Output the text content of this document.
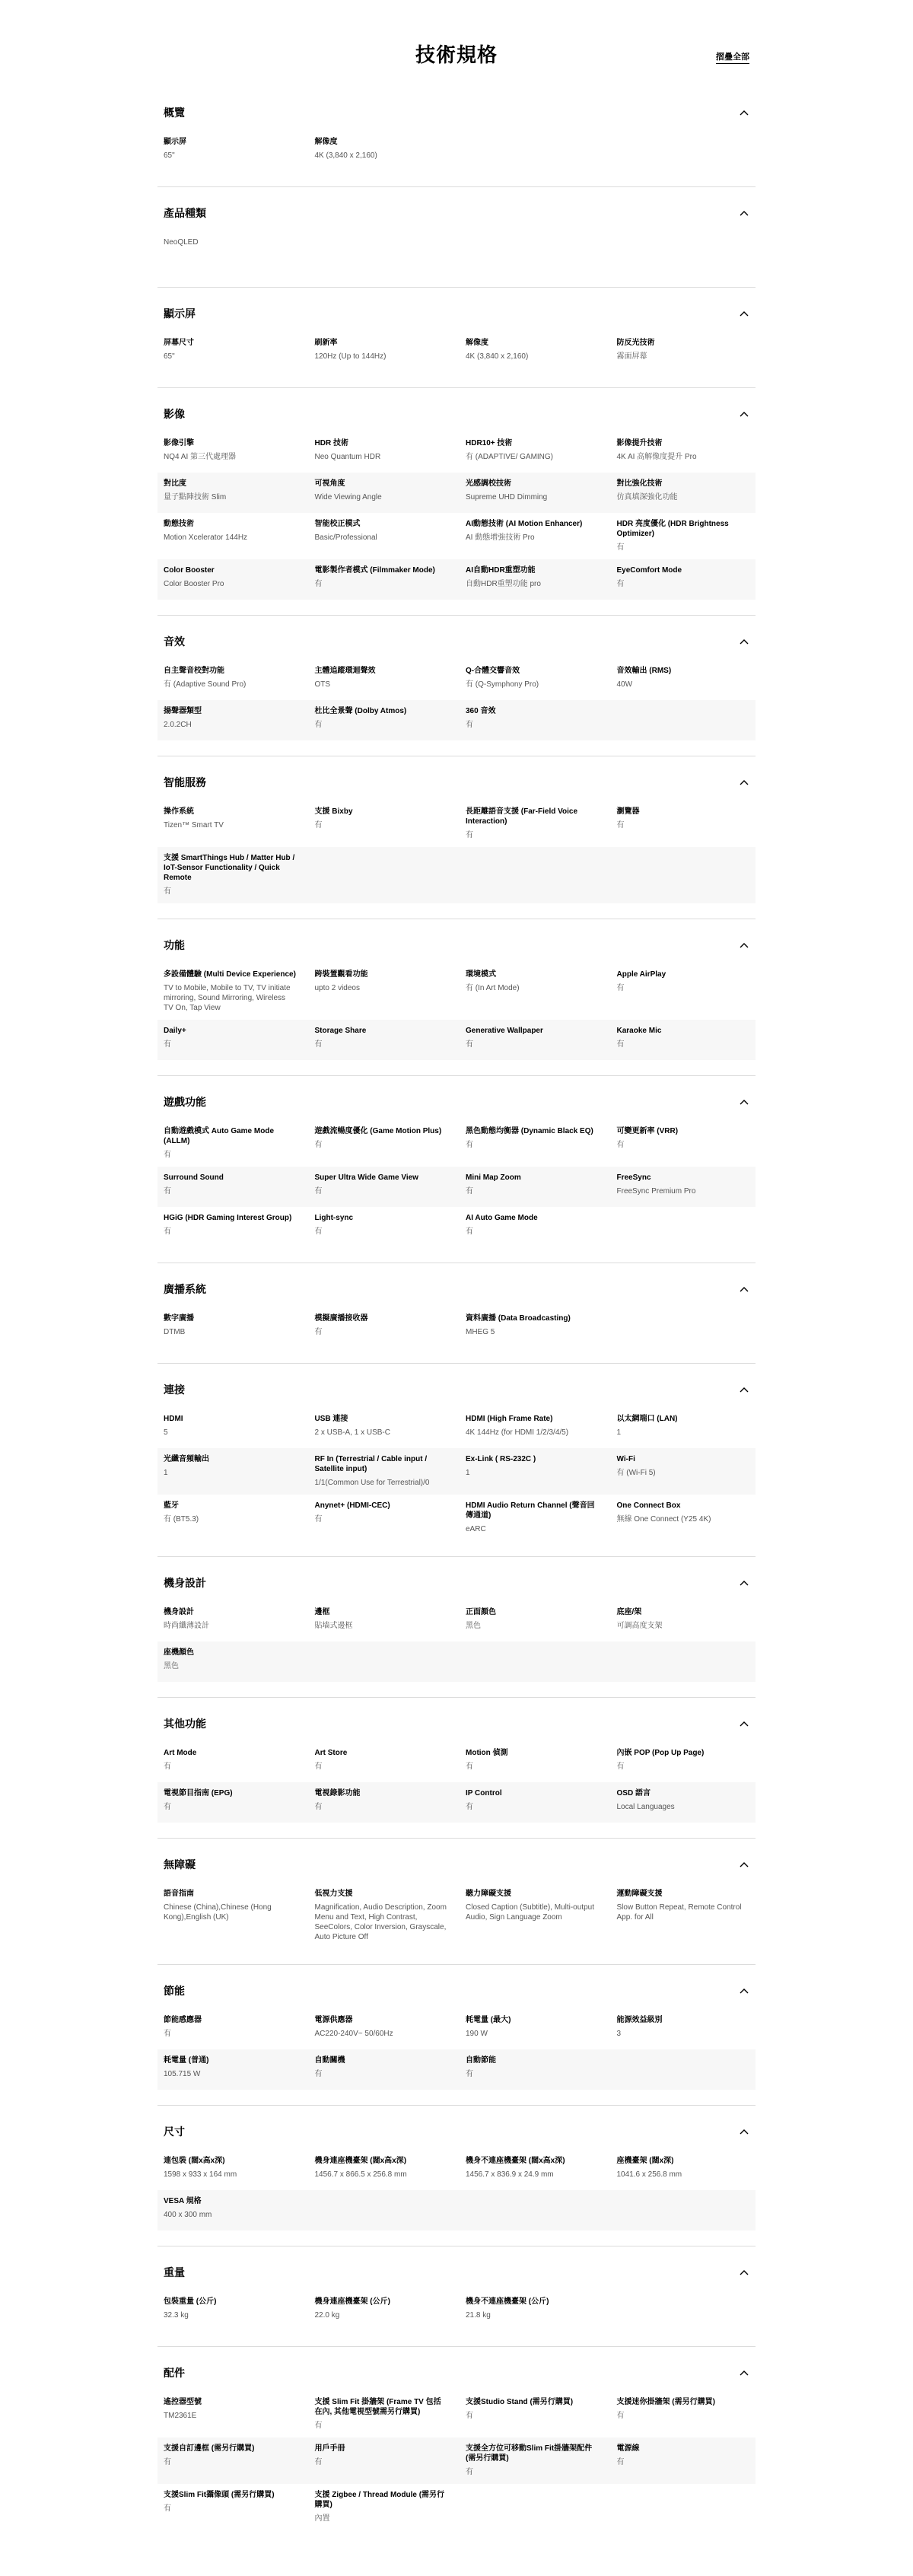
技術規格	摺疊全部
概覽
顯示屏
65"
解像度
4K (3,840 x 2,160)
產品種類
NeoQLED
顯示屏
屏幕尺寸
65"
刷新率
120Hz (Up to 144Hz)
解像度
4K (3,840 x 2,160)
防反光技術
霧面屏幕
影像
影像引擎
NQ4 AI 第三代處理器
HDR 技術
Neo Quantum HDR
HDR10+ 技術
有 (ADAPTIVE/ GAMING)
影像提升技術
4K AI 高解像度提升 Pro
對比度
量子點陣技術 Slim
可視角度
Wide Viewing Angle
光感調校技術
Supreme UHD Dimming
對比強化技術
仿真填深強化功能
動態技術
Motion Xcelerator 144Hz
智能校正模式
Basic/Professional
AI動態技術 (AI Motion Enhancer)
AI 動態增強技術 Pro
HDR 亮度優化 (HDR Brightness Optimizer)
有
Color Booster
Color Booster Pro
電影製作者模式 (Filmmaker Mode)
有
AI自動HDR重塑功能
自動HDR重塑功能 pro
EyeComfort Mode
有
音效
自主聲音校對功能
有 (Adaptive Sound Pro)
主體追蹤環迴聲效
OTS
Q-合體交響音效
有 (Q-Symphony Pro)
音效輸出 (RMS)
40W
揚聲器類型
2.0.2CH
杜比全景聲 (Dolby Atmos)
有
360 音效
有
智能服務
操作系統
Tizen™ Smart TV
支援 Bixby
有
長距離語音支援 (Far-Field Voice Interaction)
有
瀏覽器
有
支援 SmartThings Hub / Matter Hub / IoT-Sensor Functionality / Quick Remote
有
功能
多設備體驗 (Multi Device Experience)
TV to Mobile, Mobile to TV, TV initiate mirroring, Sound Mirroring, Wireless TV On, Tap View
跨裝置觀看功能
upto 2 videos
環境模式
有 (In Art Mode)
Apple AirPlay
有
Daily+
有
Storage Share
有
Generative Wallpaper
有
Karaoke Mic
有
遊戲功能
自動遊戲模式 Auto Game Mode (ALLM)
有
遊戲流暢度優化 (Game Motion Plus)
有
黑色動態均衡器 (Dynamic Black EQ)
有
可變更新率 (VRR)
有
Surround Sound
有
Super Ultra Wide Game View
有
Mini Map Zoom
有
FreeSync
FreeSync Premium Pro
HGiG (HDR Gaming Interest Group)
有
Light-sync
有
AI Auto Game Mode
有
廣播系統
數字廣播
DTMB
模擬廣播接收器
有
資料廣播 (Data Broadcasting)
MHEG 5
連接
HDMI
5
USB 連接
2 x USB-A, 1 x USB-C
HDMI (High Frame Rate)
4K 144Hz (for HDMI 1/2/3/4/5)
以太網端口 (LAN)
1
光纖音頻輸出
1
RF In (Terrestrial / Cable input / Satellite input)
1/1(Common Use for Terrestrial)/0
Ex-Link ( RS-232C )
1
Wi-Fi
有 (Wi-Fi 5)
藍牙
有 (BT5.3)
Anynet+ (HDMI-CEC)
有
HDMI Audio Return Channel (聲音回傳通道)
eARC
One Connect Box
無線 One Connect (Y25 4K)
機身設計
機身設計
時尚纖薄設計
邊框
貼墙式邊框
正面顏色
黑色
底座/架
可調高度支架
座機顏色
黑色
其他功能
Art Mode
有
Art Store
有
Motion 偵測
有
內嵌 POP (Pop Up Page)
有
電視節目指南 (EPG)
有
電視錄影功能
有
IP Control
有
OSD 語言
Local Languages
無障礙
語音指南
Chinese (China),Chinese (Hong Kong),English (UK)
低視力支援
Magnification, Audio Description, Zoom Menu and Text, High Contrast, SeeColors, Color Inversion, Grayscale, Auto Picture Off
聽力障礙支援
Closed Caption (Subtitle), Multi-output Audio, Sign Language Zoom
運動障礙支援
Slow Button Repeat, Remote Control App. for All
節能
節能感應器
有
電源供應器
AC220-240V~ 50/60Hz
耗電量 (最大)
190 W
能源效益級別
3
耗電量 (普通)
105.715 W
自動關機
有
自動節能
有
尺寸
連包裝 (闊x高x深)
1598 x 933 x 164 mm
機身連座機臺架 (闊x高x深)
1456.7 x 866.5 x 256.8 mm
機身不連座機臺架 (闊x高x深)
1456.7 x 836.9 x 24.9 mm
座機臺架 (闊x深)
1041.6 x 256.8 mm
VESA 規格
400 x 300 mm
重量
包裝重量 (公斤)
32.3 kg
機身連座機臺架 (公斤)
22.0 kg
機身不連座機臺架 (公斤)
21.8 kg
配件
遙控器型號
TM2361E
支援 Slim Fit 掛牆架 (Frame TV 包括在內, 其他電視型號需另行購買)
有
支援Studio Stand (需另行購買)
有
支援迷你掛牆架 (需另行購買)
有
支援自訂邊框 (需另行購買)
有
用戶手冊
有
支援全方位可移動Slim Fit掛牆架配件 (需另行購買)
有
電源線
有
支援Slim Fit攝像頭 (需另行購買)
有
支援 Zigbee / Thread Module (需另行購買)
內置
